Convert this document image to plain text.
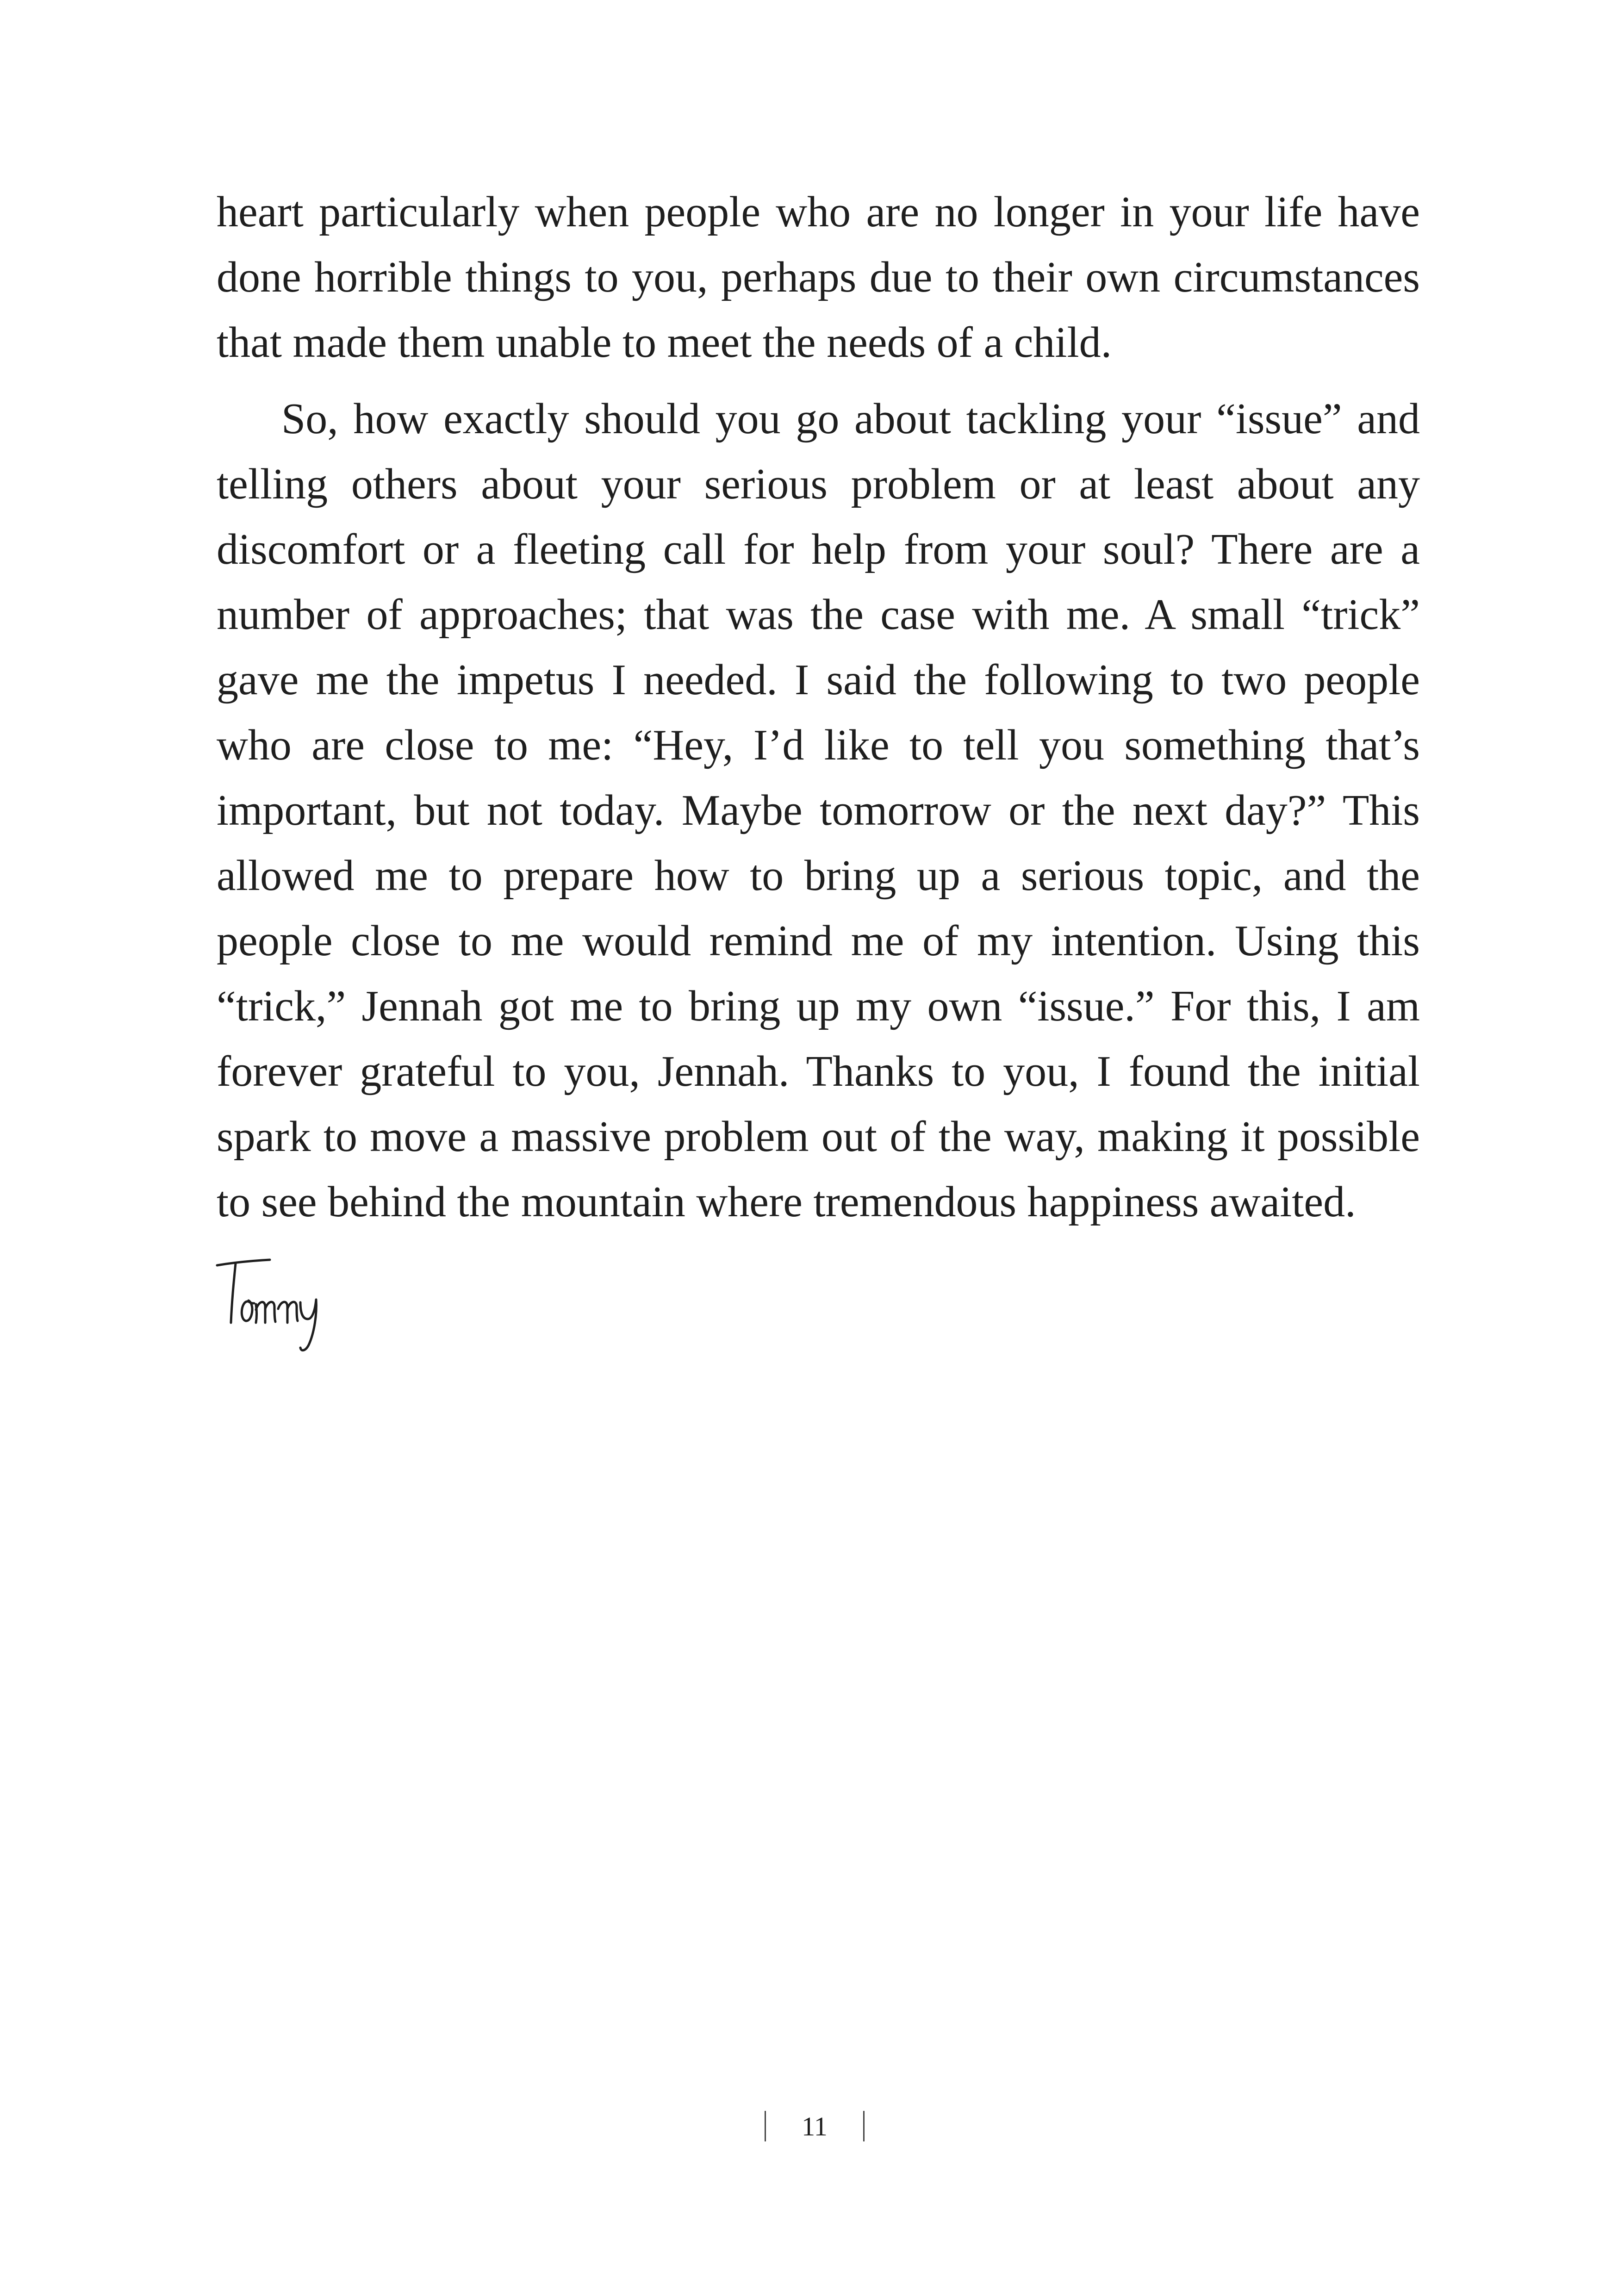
heart particularly when people who are no longer in your life have done horrible things to you, perhaps due to their own circumstances that made them unable to meet the needs of a child.

So, how exactly should you go about tackling your “issue” and telling others about your serious problem or at least about any discomfort or a fleeting call for help from your soul? There are a number of approaches; that was the case with me. A small “trick” gave me the impetus I needed. I said the following to two people who are close to me: “Hey, I’d like to tell you something that’s important, but not today. Maybe tomorrow or the next day?” This allowed me to prepare how to bring up a serious topic, and the people close to me would remind me of my intention. Using this “trick,” Jennah got me to bring up my own “issue.” For this, I am forever grateful to you, Jennah. Thanks to you, I found the initial spark to move a massive problem out of the way, making it possible to see behind the mountain where tremendous happiness awaited.

11
